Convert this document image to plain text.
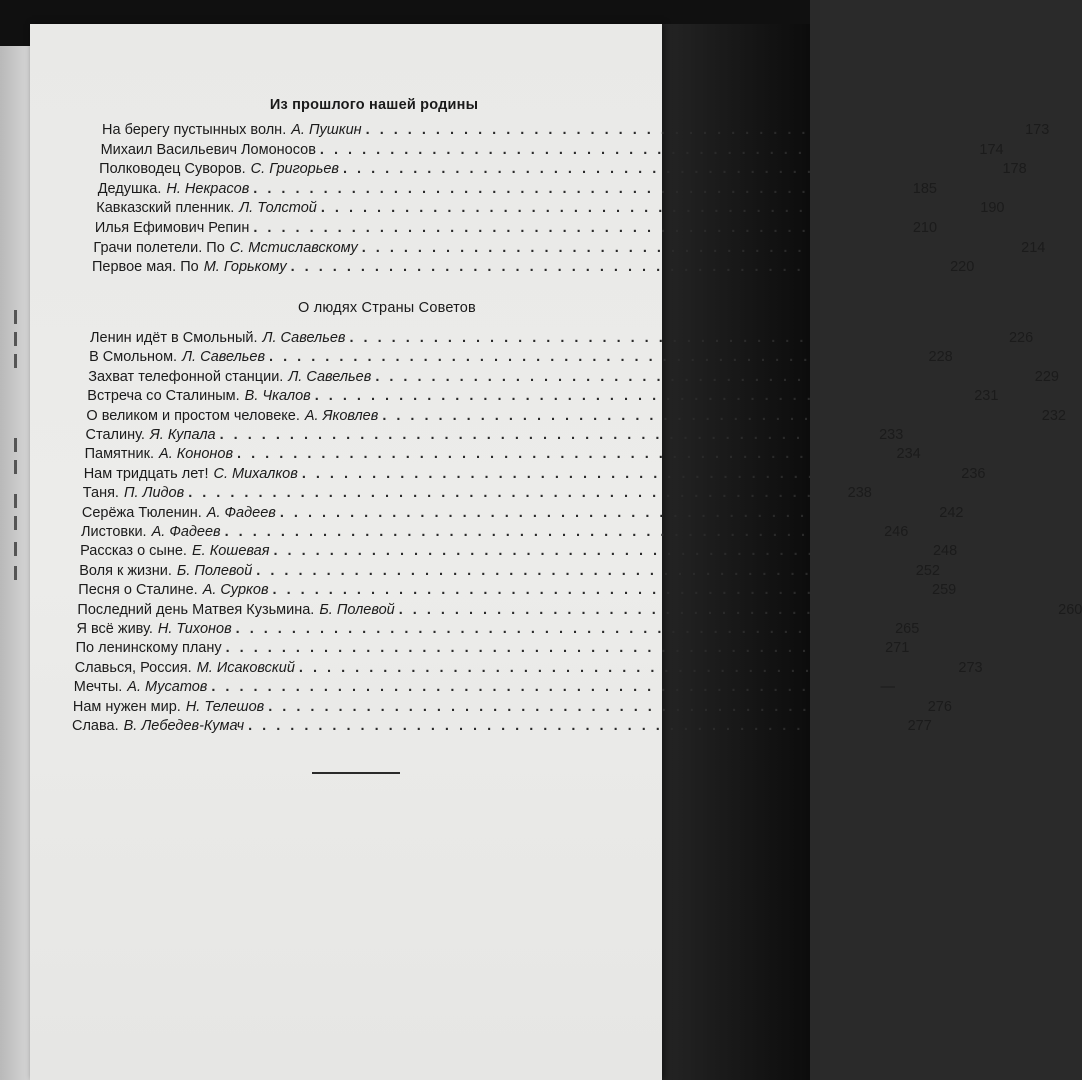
Из прошлого нашей родины
О людях Страны Советов
На берегу пустынных волн. А. Пушкин . . . . . . . . . . . . . . . . . . . . . . . . . . . . . . . . . . . . . . . . . . . . . . . 173
Михаил Васильевич Ломоносов . . . . . . . . . . . . . . . . . . . . . . . . . . . . . . . . . . . . . . . . . . . . . . . 174
Полководец Суворов. С. Григорьев . . . . . . . . . . . . . . . . . . . . . . . . . . . . . . . . . . . . . . . . . . . . . . . 178
Дедушка. Н. Некрасов . . . . . . . . . . . . . . . . . . . . . . . . . . . . . . . . . . . . . . . . . . . . . . . 185
Кавказский пленник. Л. Толстой . . . . . . . . . . . . . . . . . . . . . . . . . . . . . . . . . . . . . . . . . . . . . . . 190
Илья Ефимович Репин . . . . . . . . . . . . . . . . . . . . . . . . . . . . . . . . . . . . . . . . . . . . . . . 210
Грачи полетели. По С. Мстиславскому . . . . . . . . . . . . . . . . . . . . . . . . . . . . . . . . . . . . . . . . . . . . . . . 214
Первое мая. По М. Горькому . . . . . . . . . . . . . . . . . . . . . . . . . . . . . . . . . . . . . . . . . . . . . . . 220
Ленин идёт в Смольный. Л. Савельев . . . . . . . . . . . . . . . . . . . . . . . . . . . . . . . . . . . . . . . . . . . . . . . 226
В Смольном. Л. Савельев . . . . . . . . . . . . . . . . . . . . . . . . . . . . . . . . . . . . . . . . . . . . . . . 228
Захват телефонной станции. Л. Савельев . . . . . . . . . . . . . . . . . . . . . . . . . . . . . . . . . . . . . . . . . . . . . . . 229
Встреча со Сталиным. В. Чкалов . . . . . . . . . . . . . . . . . . . . . . . . . . . . . . . . . . . . . . . . . . . . . . . 231
О великом и простом человеке. А. Яковлев . . . . . . . . . . . . . . . . . . . . . . . . . . . . . . . . . . . . . . . . . . . . . . . 232
Сталину. Я. Купала . . . . . . . . . . . . . . . . . . . . . . . . . . . . . . . . . . . . . . . . . . . . . . . 233
Памятник. А. Кононов . . . . . . . . . . . . . . . . . . . . . . . . . . . . . . . . . . . . . . . . . . . . . . . 234
Нам тридцать лет! С. Михалков . . . . . . . . . . . . . . . . . . . . . . . . . . . . . . . . . . . . . . . . . . . . . . . 236
Таня. П. Лидов . . . . . . . . . . . . . . . . . . . . . . . . . . . . . . . . . . . . . . . . . . . . . . . 238
Серёжа Тюленин. А. Фадеев . . . . . . . . . . . . . . . . . . . . . . . . . . . . . . . . . . . . . . . . . . . . . . . 242
Листовки. А. Фадеев . . . . . . . . . . . . . . . . . . . . . . . . . . . . . . . . . . . . . . . . . . . . . . . 246
Рассказ о сыне. Е. Кошевая . . . . . . . . . . . . . . . . . . . . . . . . . . . . . . . . . . . . . . . . . . . . . . . 248
Воля к жизни. Б. Полевой . . . . . . . . . . . . . . . . . . . . . . . . . . . . . . . . . . . . . . . . . . . . . . . 252
Песня о Сталине. А. Сурков . . . . . . . . . . . . . . . . . . . . . . . . . . . . . . . . . . . . . . . . . . . . . . . 259
Последний день Матвея Кузьмина. Б. Полевой . . . . . . . . . . . . . . . . . . . . . . . . . . . . . . . . . . . . . . . . . . . . . . . 260
Я всё живу. Н. Тихонов . . . . . . . . . . . . . . . . . . . . . . . . . . . . . . . . . . . . . . . . . . . . . . . 265
По ленинскому плану . . . . . . . . . . . . . . . . . . . . . . . . . . . . . . . . . . . . . . . . . . . . . . . 271
Славься, Россия. М. Исаковский . . . . . . . . . . . . . . . . . . . . . . . . . . . . . . . . . . . . . . . . . . . . . . . 273
Мечты. А. Мусатов . . . . . . . . . . . . . . . . . . . . . . . . . . . . . . . . . . . . . . . . . . . . . . .	—
Нам нужен мир. Н. Телешов . . . . . . . . . . . . . . . . . . . . . . . . . . . . . . . . . . . . . . . . . . . . . . . 276
Слава. В. Лебедев-Кумач . . . . . . . . . . . . . . . . . . . . . . . . . . . . . . . . . . . . . . . . . . . . . . . 277
